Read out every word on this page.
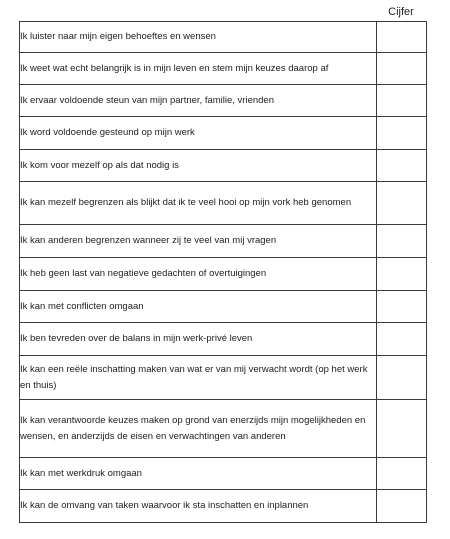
Cijfer
Ik luister naar mijn eigen behoeftes en wensen	
Ik weet wat echt belangrijk is in mijn leven en stem mijn keuzes daarop af	
Ik ervaar voldoende steun van mijn partner, familie, vrienden	
Ik word voldoende gesteund op mijn werk	
Ik kom voor mezelf op als dat nodig is	
Ik kan mezelf begrenzen als blijkt dat ik te veel hooi op mijn vork heb genomen	
Ik kan anderen begrenzen wanneer zij te veel van mij vragen	
Ik heb geen last van negatieve gedachten of overtuigingen	
Ik kan met conflicten omgaan	
Ik ben tevreden over de balans in mijn werk-privé leven	
Ik kan een reële inschatting maken van wat er van mij verwacht wordt (op het werk en thuis)	
Ik kan verantwoorde keuzes maken op grond van enerzijds mijn mogelijkheden en wensen, en anderzijds de eisen en verwachtingen van anderen	
Ik kan met werkdruk omgaan	
Ik kan de omvang van taken waarvoor ik sta inschatten en inplannen	
